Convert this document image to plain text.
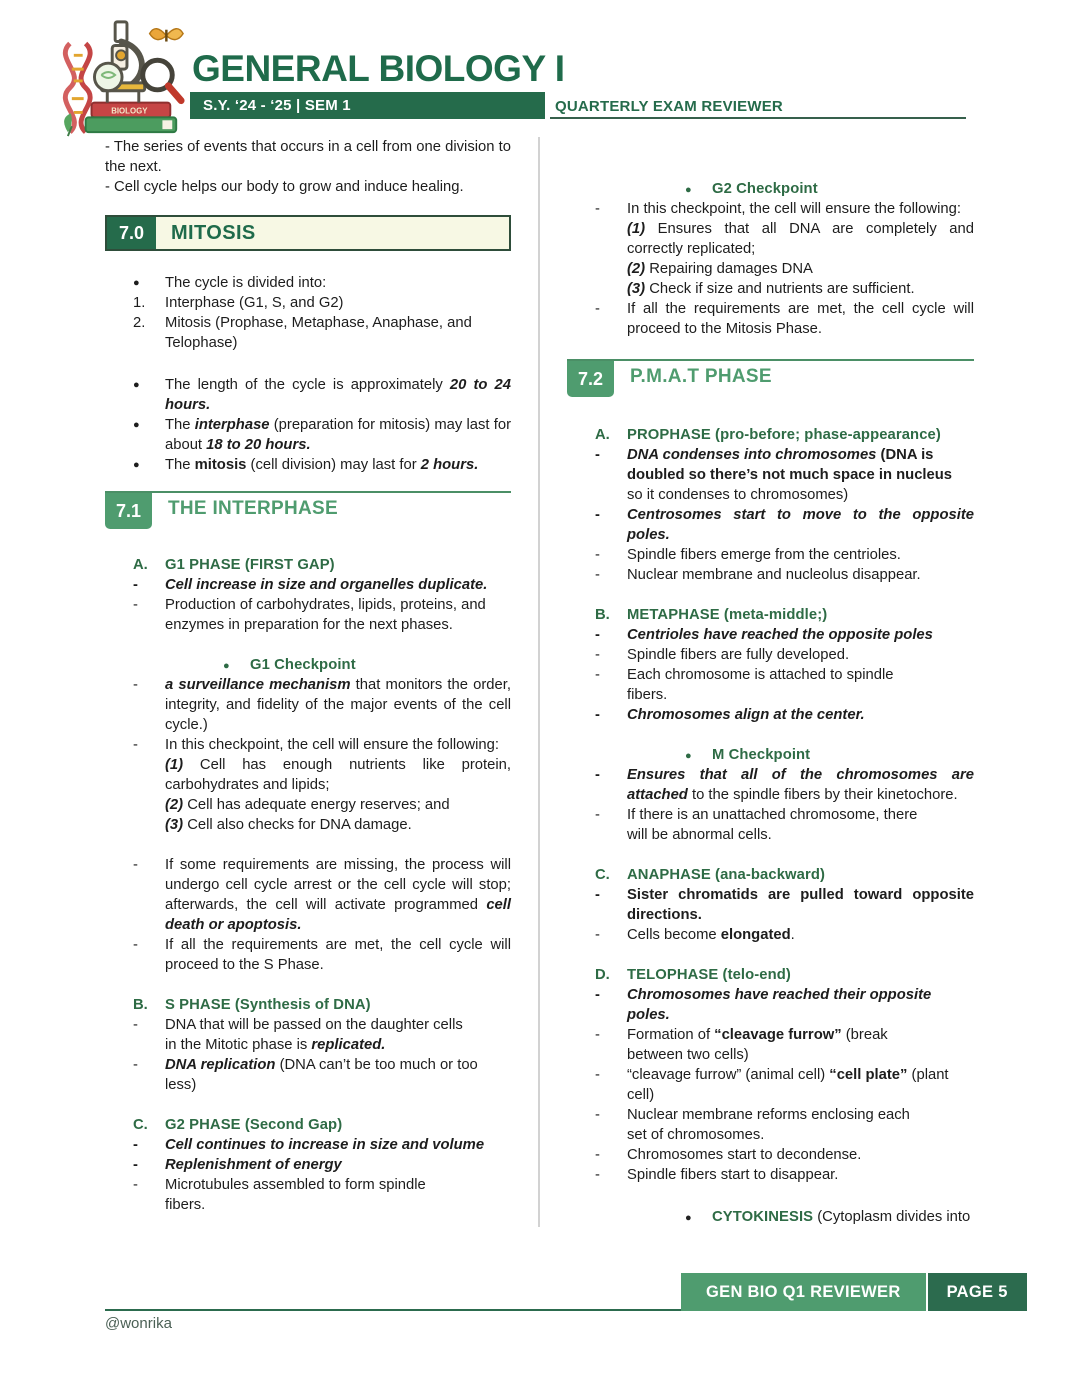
BIOLOGY
GENERAL BIOLOGY I
S.Y. ‘24 - ‘25 | SEM 1	QUARTERLY EXAM REVIEWER
- The series of events that occurs in a cell from one division to the next.
- Cell cycle helps our body to grow and induce healing.
7.0	MITOSIS
●	The cycle is divided into:
1.	Interphase (G1, S, and G2)
2.	Mitosis (Prophase, Metaphase, Anaphase, and Telophase)
●	The length of the cycle is approximately 20 to 24 hours.
●	The interphase (preparation for mitosis) may last for about 18 to 20 hours.
●	The mitosis (cell division) may last for 2 hours.
7.1	THE INTERPHASE
A.	G1 PHASE (FIRST GAP)
-	Cell increase in size and organelles duplicate.
-	Production of carbohydrates, lipids, proteins, and enzymes in preparation for the next phases.
● G1 Checkpoint
-	a surveillance mechanism that monitors the order, integrity, and fidelity of the major events of the cell cycle.)
-	In this checkpoint, the cell will ensure the following:
(1) Cell has enough nutrients like protein, carbohydrates and lipids;
(2) Cell has adequate energy reserves; and
(3) Cell also checks for DNA damage.
-	If some requirements are missing, the process will undergo cell cycle arrest or the cell cycle will stop; afterwards, the cell will activate programmed cell death or apoptosis.
-	If all the requirements are met, the cell cycle will proceed to the S Phase.
B.	S PHASE (Synthesis of DNA)
-	DNA that will be passed on the daughter cells
in the Mitotic phase is replicated.
-	DNA replication (DNA can’t be too much or too less)
C.	G2 PHASE (Second Gap)
-	Cell continues to increase in size and volume
-	Replenishment of energy
-	Microtubules assembled to form spindle
fibers.
● G2 Checkpoint
-	In this checkpoint, the cell will ensure the following:
(1) Ensures that all DNA are completely and correctly replicated;
(2) Repairing damages DNA
(3) Check if size and nutrients are sufficient.
-	If all the requirements are met, the cell cycle will proceed to the Mitosis Phase.
7.2	P.M.A.T PHASE
A.	PROPHASE (pro-before; phase-appearance)
-	DNA condenses into chromosomes (DNA is
doubled so there’s not much space in nucleus
so it condenses to chromosomes)
-	Centrosomes start to move to the opposite poles.
-	Spindle fibers emerge from the centrioles.
-	Nuclear membrane and nucleolus disappear.
B.	METAPHASE (meta-middle;)
-	Centrioles have reached the opposite poles
-	Spindle fibers are fully developed.
-	Each chromosome is attached to spindle
fibers.
-	Chromosomes align at the center.
● M Checkpoint
-	Ensures that all of the chromosomes are attached to the spindle fibers by their kinetochore.
-	If there is an unattached chromosome, there
will be abnormal cells.
C.	ANAPHASE (ana-backward)
-	Sister chromatids are pulled toward opposite directions.
-	Cells become elongated.
D.	TELOPHASE (telo-end)
-	Chromosomes have reached their opposite
poles.
-	Formation of “cleavage furrow” (break
between two cells)
-	“cleavage furrow” (animal cell) “cell plate” (plant cell)
-	Nuclear membrane reforms enclosing each
set of chromosomes.
-	Chromosomes start to decondense.
-	Spindle fibers start to disappear.
● CYTOKINESIS (Cytoplasm divides into
GEN BIO Q1 REVIEWER	PAGE 5
@wonrika
